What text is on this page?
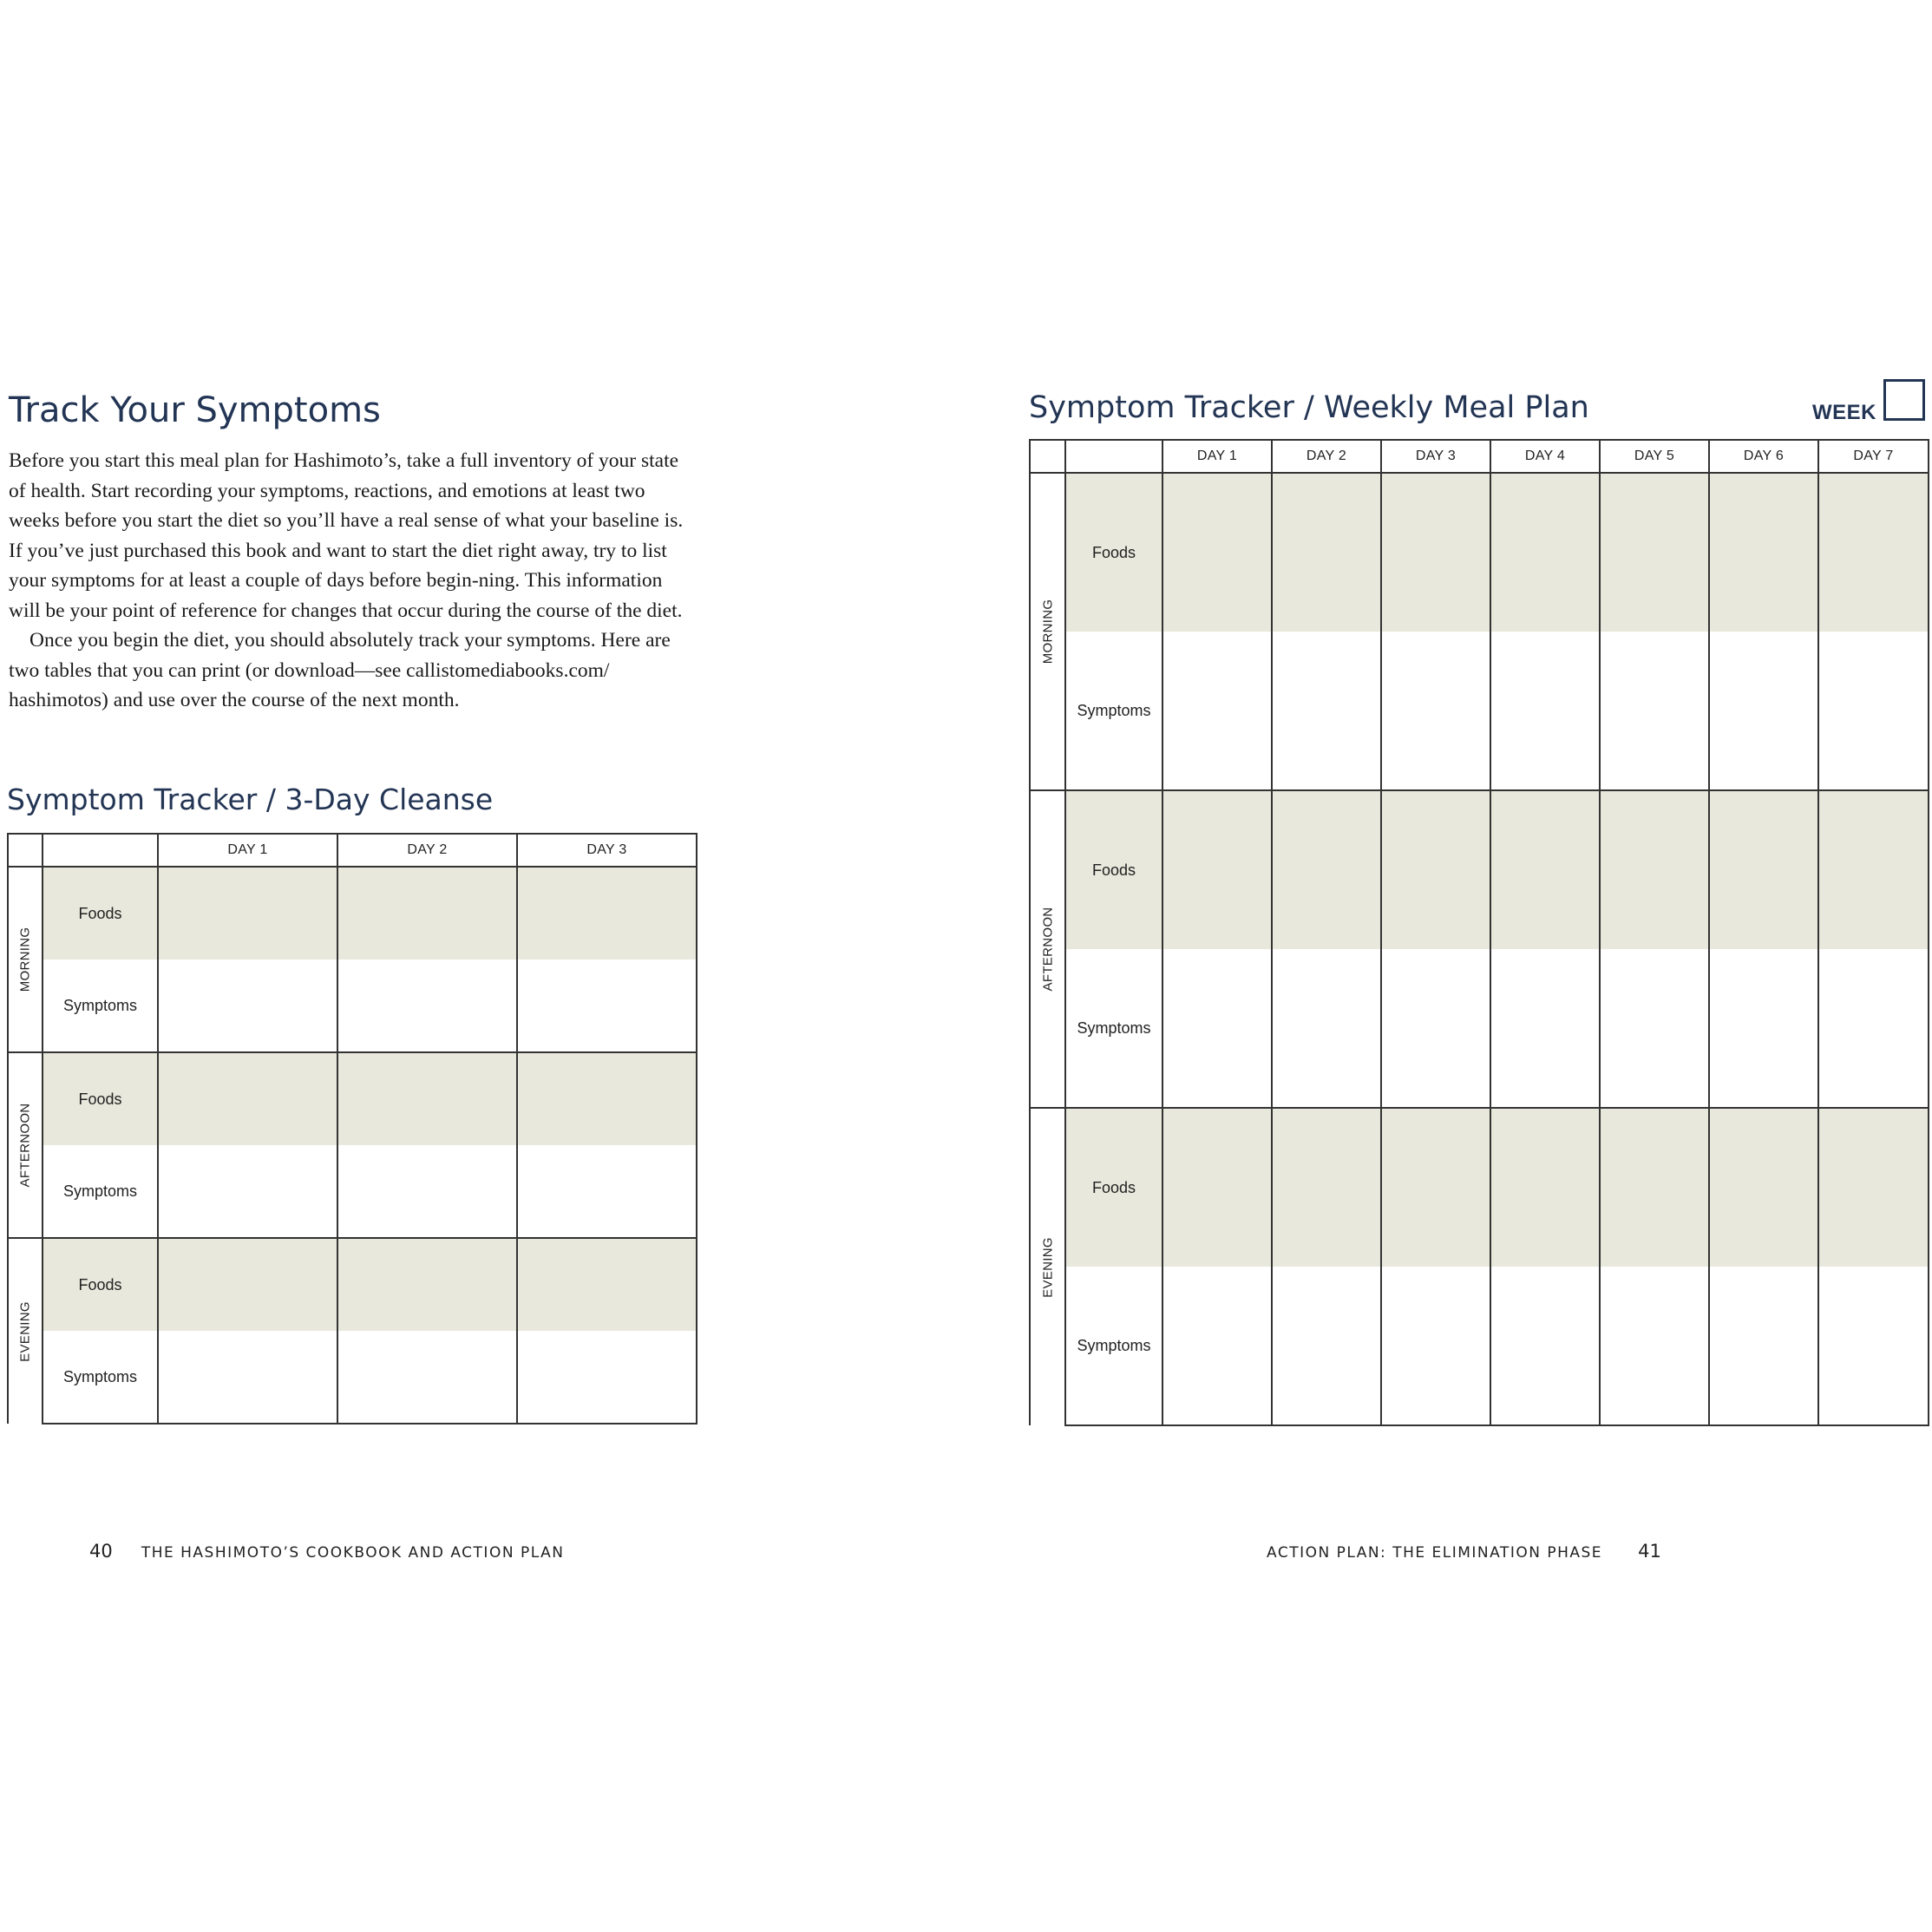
Track Your Symptoms

Before you start this meal plan for Hashimoto’s, take a full inventory of your state of health. Start recording your symptoms, reactions, and emotions at least two weeks before you start the diet so you’ll have a real sense of what your baseline is. If you’ve just purchased this book and want to start the diet right away, try to list your symptoms for at least a couple of days before begin-ning. This information will be your point of reference for changes that occur during the course of the diet.

Once you begin the diet, you should absolutely track your symptoms. Here are two tables that you can print (or download—see callistomediabooks.com/ hashimotos) and use over the course of the next month.

Symptom Tracker / 3-Day Cleanse
		DAY 1	DAY 2	DAY 3

MORNING	Foods			
	Symptoms			

AFTERNOON	Foods			
	Symptoms			

EVENING	Foods			
	Symptoms			
40 THE HASHIMOTO’S COOKBOOK AND ACTION PLAN
Symptom Tracker / Weekly Meal Plan	WEEK
		DAY 1	DAY 2	DAY 3	DAY 4	DAY 5	DAY 6	DAY 7

MORNING	Foods							
	Symptoms							

AFTERNOON	Foods							
	Symptoms							

EVENING	Foods							
	Symptoms							
ACTION PLAN: THE ELIMINATION PHASE 41
